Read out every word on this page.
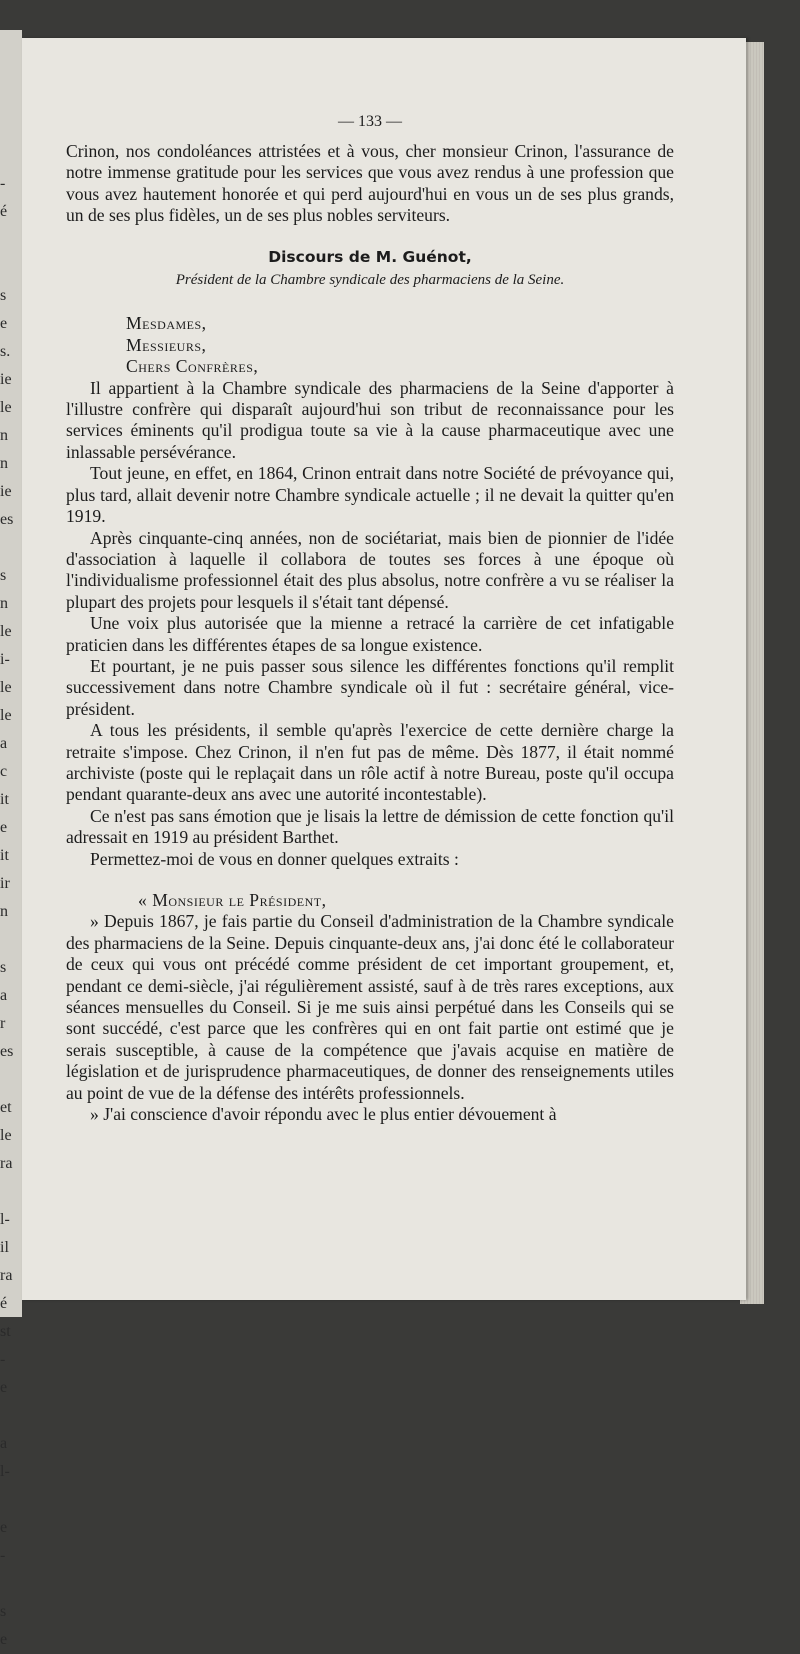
-
é

s
e
s.
ie
le
n
n
ie
es

s
n
le
i-
le
le
a
c
it
e
it
ir
n

s
a
r
es

et
le
ra

l-
il
ra
é
st
-
e

a
l-

e
-

s
e
— 133 —

Crinon, nos condoléances attristées et à vous, cher monsieur Crinon, l'assurance de notre immense gratitude pour les services que vous avez rendus à une profession que vous avez hautement honorée et qui perd aujourd'hui en vous un de ses plus grands, un de ses plus fidèles, un de ses plus nobles serviteurs.

Discours de M. Guénot,
Président de la Chambre syndicale des pharmaciens de la Seine.
Mesdames,
Messieurs,
Chers Confrères,

Il appartient à la Chambre syndicale des pharmaciens de la Seine d'apporter à l'illustre confrère qui disparaît aujourd'hui son tribut de reconnaissance pour les services éminents qu'il prodigua toute sa vie à la cause pharmaceutique avec une inlassable persévérance.

Tout jeune, en effet, en 1864, Crinon entrait dans notre Société de prévoyance qui, plus tard, allait devenir notre Chambre syndicale actuelle ; il ne devait la quitter qu'en 1919.

Après cinquante-cinq années, non de sociétariat, mais bien de pionnier de l'idée d'association à laquelle il collabora de toutes ses forces à une époque où l'individualisme professionnel était des plus absolus, notre confrère a vu se réaliser la plupart des projets pour lesquels il s'était tant dépensé.

Une voix plus autorisée que la mienne a retracé la carrière de cet infatigable praticien dans les différentes étapes de sa longue existence.

Et pourtant, je ne puis passer sous silence les différentes fonctions qu'il remplit successivement dans notre Chambre syndicale où il fut : secrétaire général, vice-président.

A tous les présidents, il semble qu'après l'exercice de cette dernière charge la retraite s'impose. Chez Crinon, il n'en fut pas de même. Dès 1877, il était nommé archiviste (poste qui le replaçait dans un rôle actif à notre Bureau, poste qu'il occupa pendant quarante-deux ans avec une autorité incontestable).

Ce n'est pas sans émotion que je lisais la lettre de démission de cette fonction qu'il adressait en 1919 au président Barthet.

Permettez-moi de vous en donner quelques extraits :

« Monsieur le Président,

» Depuis 1867, je fais partie du Conseil d'administration de la Chambre syndicale des pharmaciens de la Seine. Depuis cinquante-deux ans, j'ai donc été le collaborateur de ceux qui vous ont précédé comme président de cet important groupement, et, pendant ce demi-siècle, j'ai régulièrement assisté, sauf à de très rares exceptions, aux séances mensuelles du Conseil. Si je me suis ainsi perpétué dans les Conseils qui se sont succédé, c'est parce que les confrères qui en ont fait partie ont estimé que je serais susceptible, à cause de la compétence que j'avais acquise en matière de législation et de jurisprudence pharmaceutiques, de donner des renseignements utiles au point de vue de la défense des intérêts professionnels.

» J'ai conscience d'avoir répondu avec le plus entier dévouement à
